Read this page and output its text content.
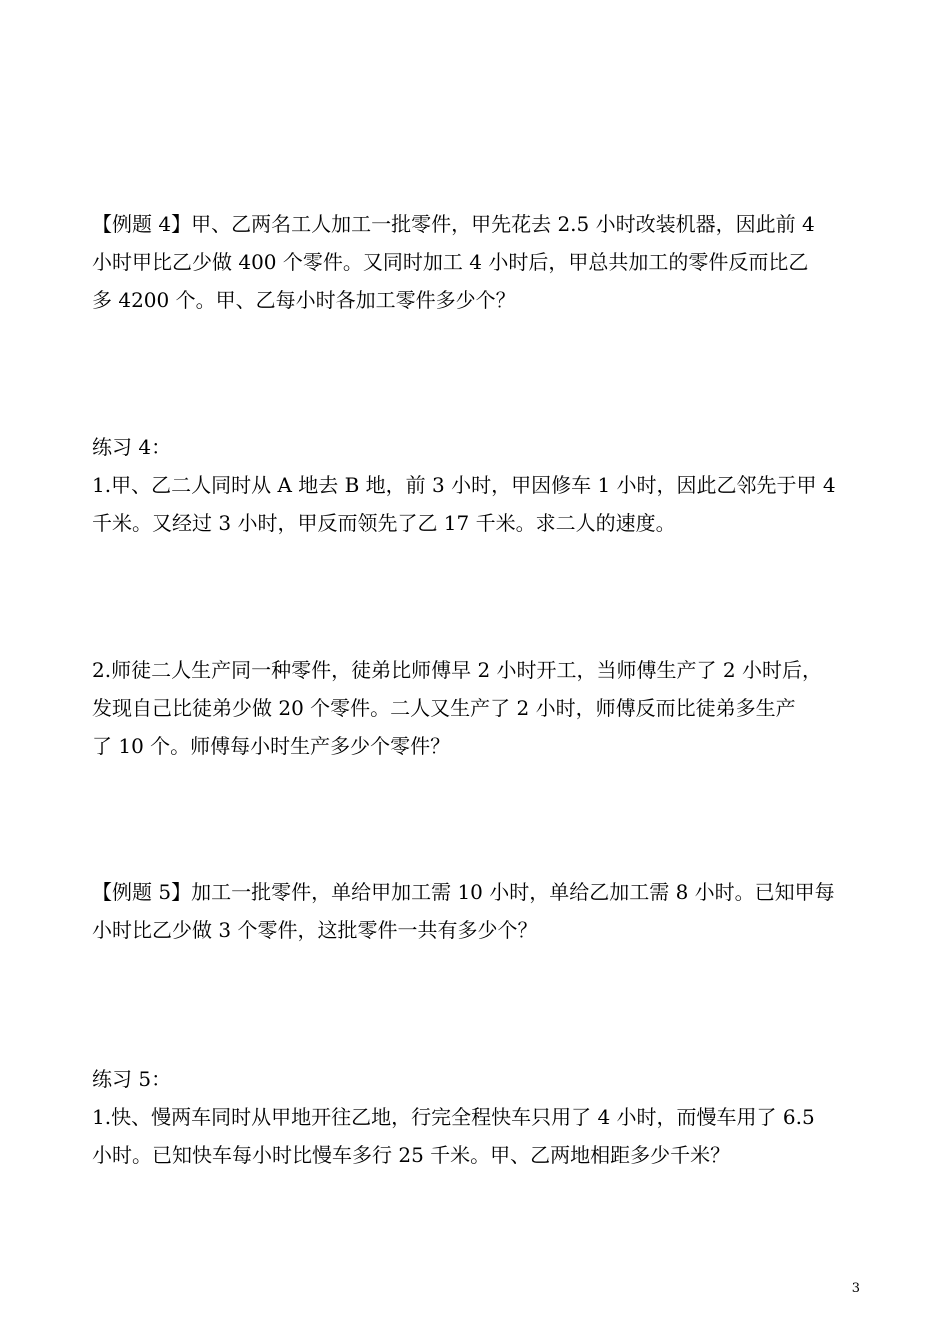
【例题 4】甲、乙两名工人加工一批零件，甲先花去 2.5 小时改装机器，因此前 4
小时甲比乙少做 400 个零件。又同时加工 4 小时后，甲总共加工的零件反而比乙
多 4200 个。甲、乙每小时各加工零件多少个？

练习 4：

1.甲、乙二人同时从 A 地去 B 地，前 3 小时，甲因修车 1 小时，因此乙邻先于甲 4
千米。又经过 3 小时，甲反而领先了乙 17 千米。求二人的速度。
2.师徒二人生产同一种零件，徒弟比师傅早 2 小时开工，当师傅生产了 2 小时后，
发现自己比徒弟少做 20 个零件。二人又生产了 2 小时，师傅反而比徒弟多生产
了 10 个。师傅每小时生产多少个零件？
【例题 5】加工一批零件，单给甲加工需 10 小时，单给乙加工需 8 小时。已知甲每
小时比乙少做 3 个零件，这批零件一共有多少个？

练习 5：

1.快、慢两车同时从甲地开往乙地，行完全程快车只用了 4 小时，而慢车用了 6.5
小时。已知快车每小时比慢车多行 25 千米。甲、乙两地相距多少千米？
3
